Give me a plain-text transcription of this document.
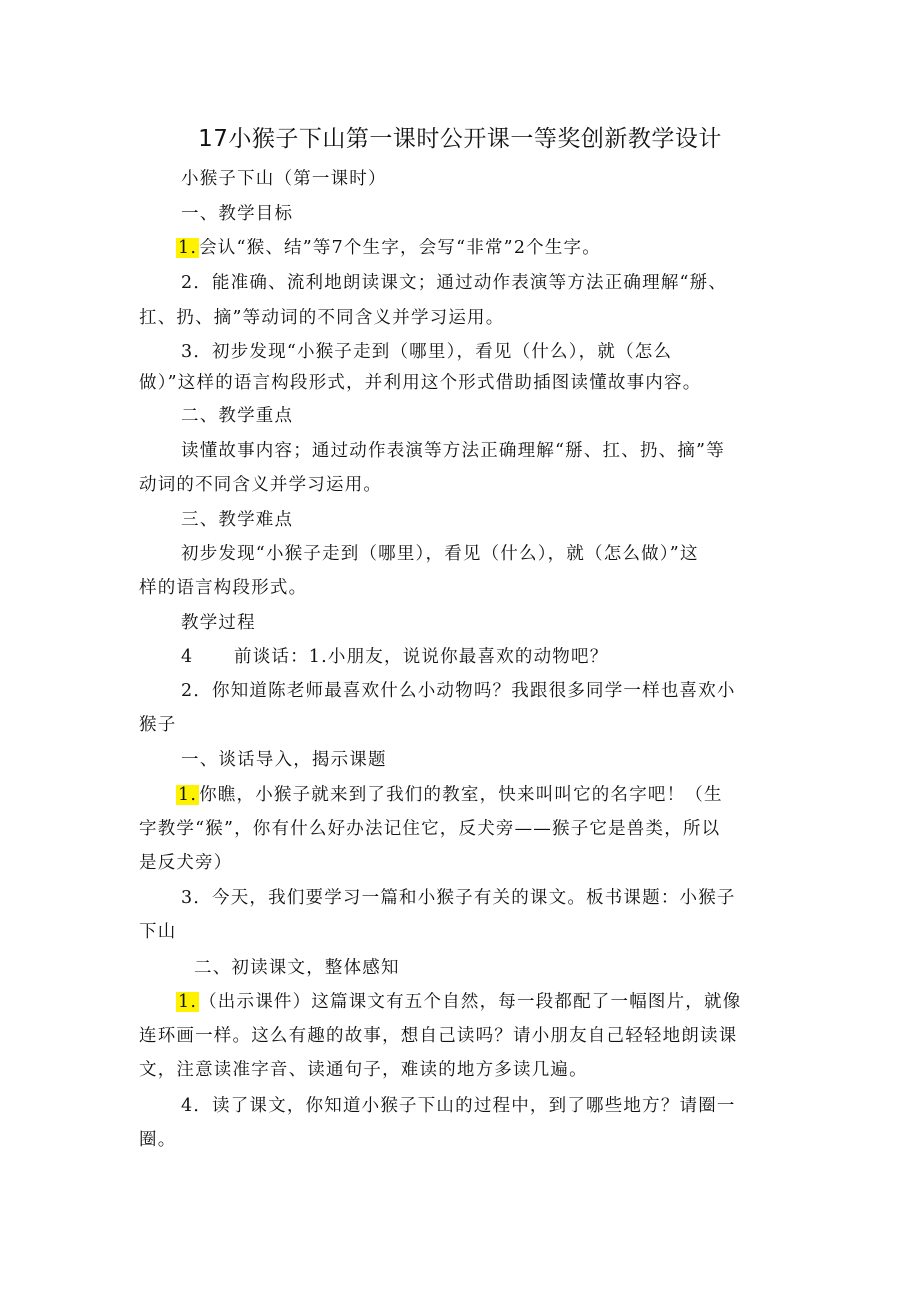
17小猴子下山第一课时公开课一等奖创新教学设计
小猴子下山（第一课时）
一、教学目标
1. 会认“猴、结”等7个生字，会写“非常”2个生字。
2．能准确、流利地朗读课文；通过动作表演等方法正确理解“掰、
扛、扔、摘”等动词的不同含义并学习运用。
3．初步发现“小猴子走到（哪里），看见（什么），就（怎么
做）”这样的语言构段形式，并利用这个形式借助插图读懂故事内容。
二、教学重点
读懂故事内容；通过动作表演等方法正确理解“掰、扛、扔、摘”等
动词的不同含义并学习运用。
三、教学难点
初步发现“小猴子走到（哪里），看见（什么），就（怎么做）”这
样的语言构段形式。
教学过程
4 前谈话：1.小朋友，说说你最喜欢的动物吧？
2．你知道陈老师最喜欢什么小动物吗？我跟很多同学一样也喜欢小
猴子
一、谈话导入，揭示课题
1. 你瞧，小猴子就来到了我们的教室，快来叫叫它的名字吧！（生
字教学“猴”，你有什么好办法记住它，反犬旁——猴子它是兽类，所以
是反犬旁）
3．今天，我们要学习一篇和小猴子有关的课文。板书课题：小猴子
下山
二、初读课文，整体感知
1. （出示课件）这篇课文有五个自然，每一段都配了一幅图片，就像
连环画一样。这么有趣的故事，想自己读吗？请小朋友自己轻轻地朗读课
文，注意读准字音、读通句子，难读的地方多读几遍。
4．读了课文，你知道小猴子下山的过程中，到了哪些地方？请圈一
圈。
